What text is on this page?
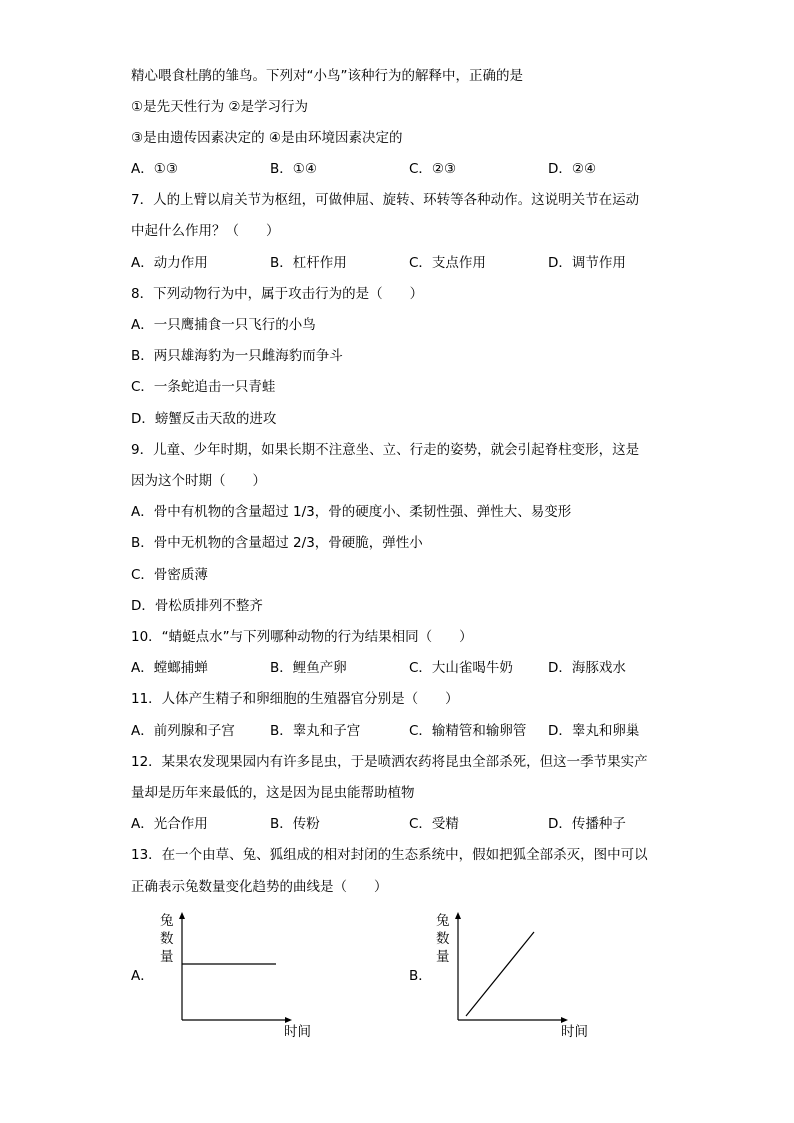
精心喂食杜鹃的雏鸟。下列对“小鸟”该种行为的解释中，正确的是
①是先天性行为 ②是学习行为
③是由遗传因素决定的 ④是由环境因素决定的
A．①③	B．①④	C．②③	D．②④
7．人的上臂以肩关节为枢纽，可做伸屈、旋转、环转等各种动作。这说明关节在运动
中起什么作用？（　　）
A．动力作用	B．杠杆作用	C．支点作用	D．调节作用
8．下列动物行为中，属于攻击行为的是（　　）
A．一只鹰捕食一只飞行的小鸟
B．两只雄海豹为一只雌海豹而争斗
C．一条蛇追击一只青蛙
D．螃蟹反击天敌的进攻
9．儿童、少年时期，如果长期不注意坐、立、行走的姿势，就会引起脊柱变形，这是
因为这个时期（　　）
A．骨中有机物的含量超过 1/3，骨的硬度小、柔韧性强、弹性大、易变形
B．骨中无机物的含量超过 2/3，骨硬脆，弹性小
C．骨密质薄
D．骨松质排列不整齐
10．“蜻蜓点水”与下列哪种动物的行为结果相同（　　）
A．螳螂捕蝉	B．鲤鱼产卵	C．大山雀喝牛奶	D．海豚戏水
11．人体产生精子和卵细胞的生殖器官分别是（　　）
A．前列腺和子宫	B．睾丸和子宫	C．输精管和输卵管 D．睾丸和卵巢
12．某果农发现果园内有许多昆虫，于是喷洒农药将昆虫全部杀死，但这一季节果实产
量却是历年来最低的，这是因为昆虫能帮助植物
A．光合作用	B．传粉	C．受精	D．传播种子
13．在一个由草、兔、狐组成的相对封闭的生态系统中，假如把狐全部杀灭，图中可以
正确表示兔数量变化趋势的曲线是（　　）
A．
兔
数
量
时间
B．
兔
数
量
时间
